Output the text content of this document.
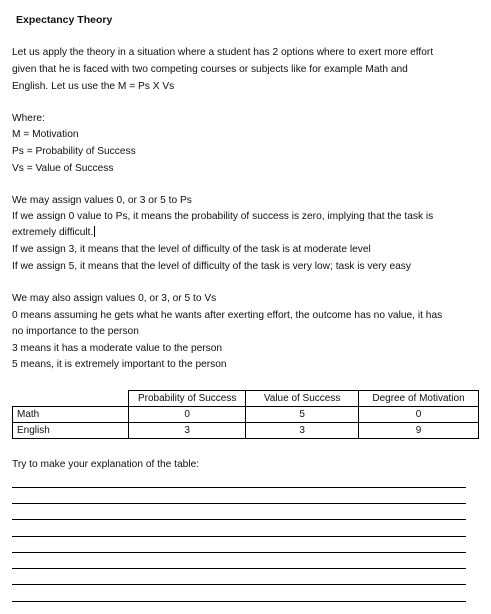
Expectancy Theory
Let us apply the theory in a situation where a student has 2 options where to exert more effort
given that he is faced with two competing courses or subjects like for example Math and
English. Let us use the M = Ps X Vs
Where:
M = Motivation
Ps = Probability of Success
Vs = Value of Success
We may assign values 0, or 3 or 5 to Ps
If we assign 0 value to Ps, it means the probability of success is zero, implying that the task is
extremely difficult.
If we assign 3, it means that the level of difficulty of the task is at moderate level
If we assign 5, it means that the level of difficulty of the task is very low; task is very easy
We may also assign values 0, or 3, or 5 to Vs
0 means assuming he gets what he wants after exerting effort, the outcome has no value, it has
no importance to the person
3 means it has a moderate value to the person
5 means, it is extremely important to the person
	Probability of Success	Value of Success	Degree of Motivation
Math	0	5	0
English	3	3	9
Try to make your explanation of the table:
